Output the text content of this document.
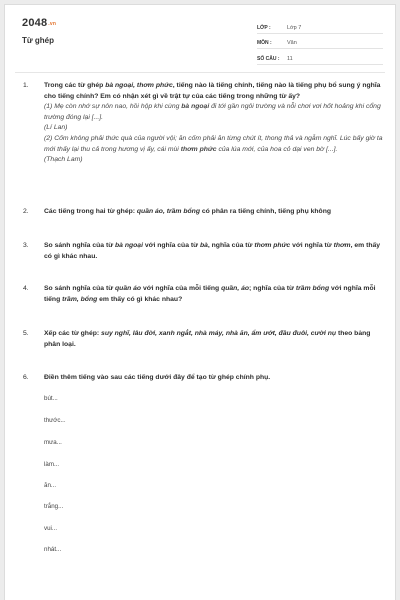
2048.vn
Từ ghép
LỚP :	Lớp 7
MÔN :	Văn
SỐ CÂU :	11
1. Trong các từ ghép bà ngoại, thơm phức, tiếng nào là tiếng chính, tiếng nào là tiếng phụ bổ sung ý nghĩa cho tiếng chính? Em có nhận xét gì về trật tự của các tiếng trong những từ ấy?
(1) Mẹ còn nhớ sự nôn nao, hồi hộp khi cùng bà ngoại đi tới gần ngôi trường và nỗi chơi vơi hốt hoảng khi cổng trường đóng lại [...].
(Lí Lan)
(2) Cốm không phải thức quà của người vội; ăn cốm phải ăn từng chút ít, thong thả và ngẫm nghĩ. Lúc bấy giờ ta mới thấy lại thu cả trong hương vị ấy, cái mùi thơm phức của lúa mới, của hoa cỏ dại ven bờ [...].
(Thạch Lam)
2. Các tiếng trong hai từ ghép: quần áo, trầm bổng có phân ra tiếng chính, tiếng phụ không
3. So sánh nghĩa của từ bà ngoại với nghĩa của từ bà, nghĩa của từ thơm phức với nghĩa từ thơm, em thấy có gì khác nhau.
4. So sánh nghĩa của từ quần áo với nghĩa của mỗi tiếng quần, áo; nghĩa của từ trầm bổng với nghĩa mỗi tiếng trầm, bổng em thấy có gì khác nhau?
5. Xếp các từ ghép: suy nghĩ, lâu đời, xanh ngắt, nhà máy, nhà ăn, ẩm ướt, đầu đuôi, cười nụ theo bảng phân loại.
6. Điền thêm tiếng vào sau các tiếng dưới đây để tạo từ ghép chính phụ.
bút...
thước...
mưa...
làm...
ăn...
trắng...
vui...
nhát...
